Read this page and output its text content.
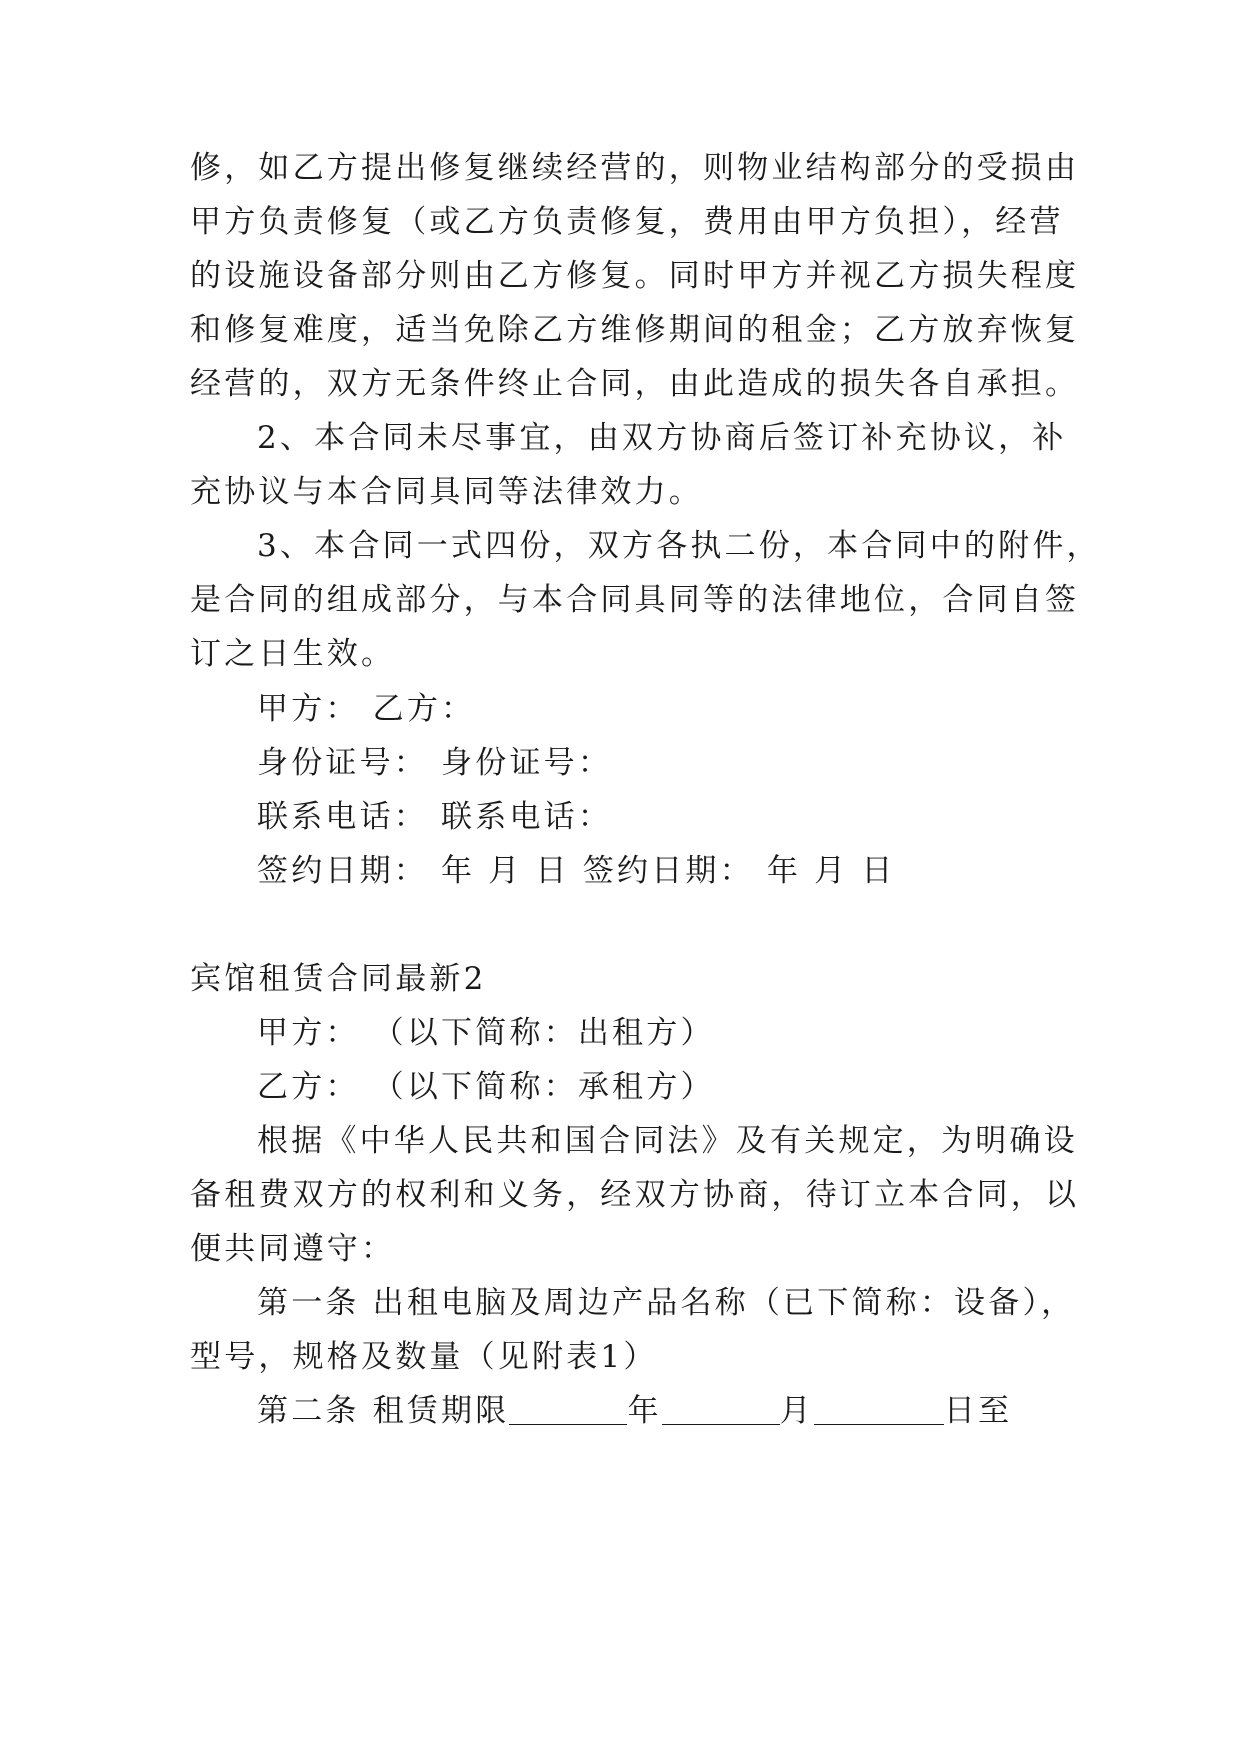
修，如乙方提出修复继续经营的，则物业结构部分的受损由
甲方负责修复（或乙方负责修复，费用由甲方负担），经营
的设施设备部分则由乙方修复。同时甲方并视乙方损失程度
和修复难度，适当免除乙方维修期间的租金；乙方放弃恢复
经营的，双方无条件终止合同，由此造成的损失各自承担。
2、本合同未尽事宜，由双方协商后签订补充协议，补
充协议与本合同具同等法律效力。
3、本合同一式四份，双方各执二份，本合同中的附件，
是合同的组成部分，与本合同具同等的法律地位，合同自签
订之日生效。
甲方： 乙方：
身份证号： 身份证号：
联系电话： 联系电话：
签约日期： 年 月 日 签约日期： 年 月 日
宾馆租赁合同最新2
甲方： （以下简称：出租方）
乙方： （以下简称：承租方）
根据《中华人民共和国合同法》及有关规定，为明确设
备租费双方的权利和义务，经双方协商，待订立本合同，以
便共同遵守：
第一条 出租电脑及周边产品名称（已下简称：设备），
型号，规格及数量（见附表1）
第二条 租赁期限	年	月	日至
